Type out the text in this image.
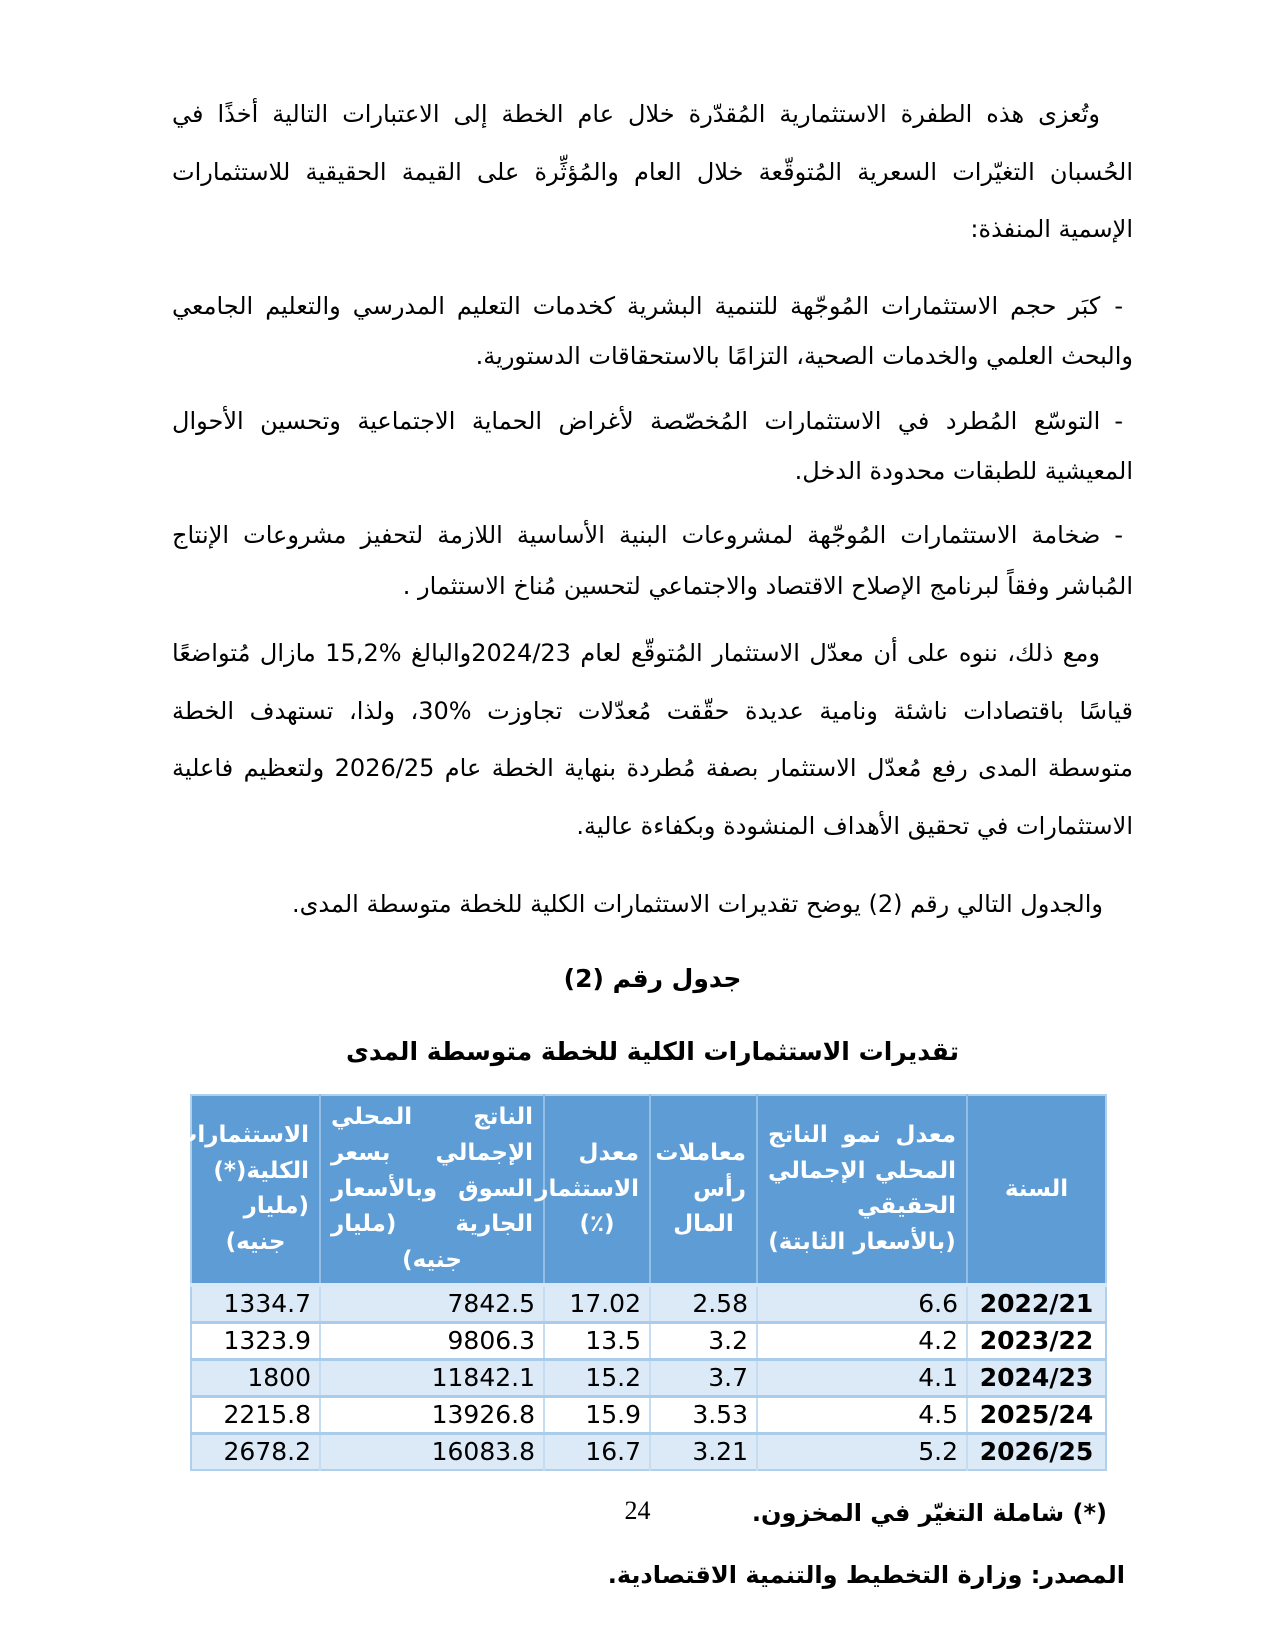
وتُعزى هذه الطفرة الاستثمارية المُقدّرة خلال عام الخطة إلى الاعتبارات التالية أخذًا في الحُسبان التغيّرات السعرية المُتوقّعة خلال العام والمُؤثِّرة على القيمة الحقيقية للاستثمارات الإسمية المنفذة:

-كبَر حجم الاستثمارات المُوجّهة للتنمية البشرية كخدمات التعليم المدرسي والتعليم الجامعي والبحث العلمي والخدمات الصحية، التزامًا بالاستحقاقات الدستورية.

-التوسّع المُطرد في الاستثمارات المُخصّصة لأغراض الحماية الاجتماعية وتحسين الأحوال المعيشية للطبقات محدودة الدخل.

-ضخامة الاستثمارات المُوجّهة لمشروعات البنية الأساسية اللازمة لتحفيز مشروعات الإنتاج المُباشر وفقاً لبرنامج الإصلاح الاقتصاد والاجتماعي لتحسين مُناخ الاستثمار .

ومع ذلك، ننوه على أن معدّل الاستثمار المُتوقّع لعام 2024/23والبالغ %15,2 مازال مُتواضعًا قياسًا باقتصادات ناشئة ونامية عديدة حقّقت مُعدّلات تجاوزت %30، ولذا، تستهدف الخطة متوسطة المدى رفع مُعدّل الاستثمار بصفة مُطردة بنهاية الخطة عام 2026/25 ولتعظيم فاعلية الاستثمارات في تحقيق الأهداف المنشودة وبكفاءة عالية.

والجدول التالي رقم (2) يوضح تقديرات الاستثمارات الكلية للخطة متوسطة المدى.

جدول رقم (2)

تقديرات الاستثمارات الكلية للخطة متوسطة المدى

السنة	معدل نمو الناتج المحلي الإجمالي الحقيقي (بالأسعار الثابتة)	معاملات رأس المال	معدل الاستثمار (٪)	الناتج المحلي الإجمالي بسعر السوق وبالأسعار الجارية (مليار جنيه)	الاستثمارات الكلية(*) (مليار جنيه)
2022/21	6.6	2.58	17.02	7842.5	1334.7
2023/22	4.2	3.2	13.5	9806.3	1323.9
2024/23	4.1	3.7	15.2	11842.1	1800
2025/24	4.5	3.53	15.9	13926.8	2215.8
2026/25	5.2	3.21	16.7	16083.8	2678.2

(*) شاملة التغيّر في المخزون.

المصدر: وزارة التخطيط والتنمية الاقتصادية.

24
